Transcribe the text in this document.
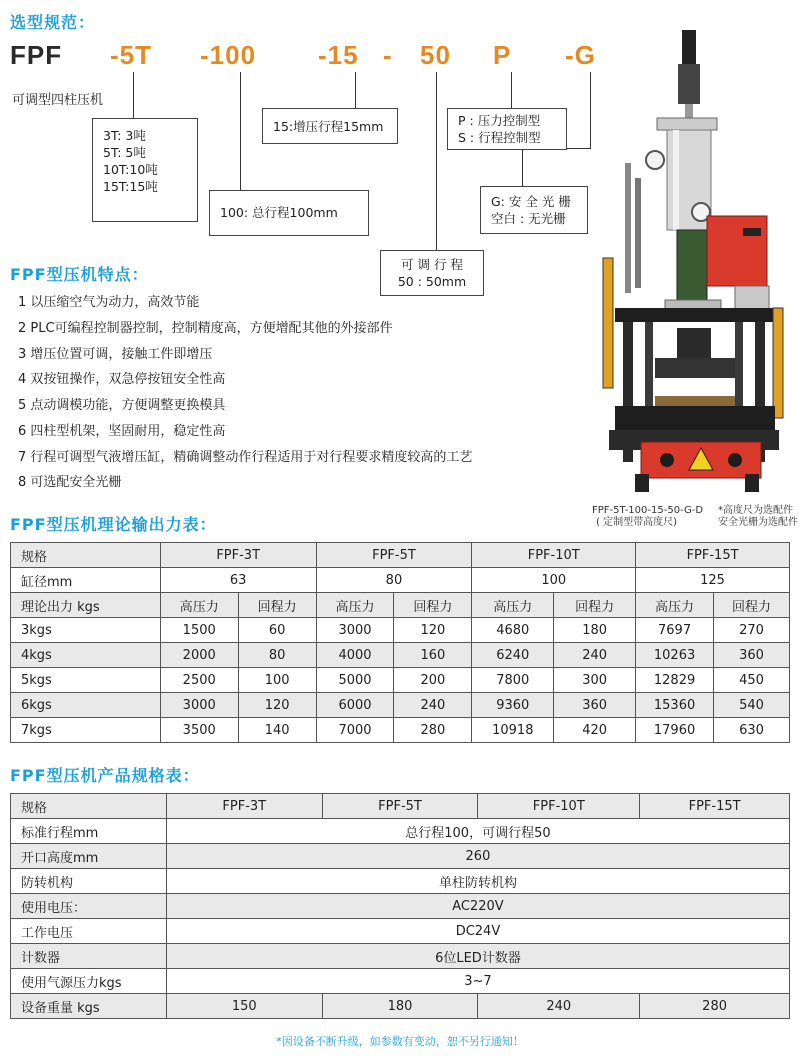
选型规范：
FPF -5T -100 -15 - 50 P -G
可调型四柱压机
3T: 3吨
5T: 5吨
10T:10吨
15T:15吨
100: 总行程100mm
15:增压行程15mm
可 调 行 程
50 : 50mm
P : 压力控制型
S : 行程控制型
G: 安 全 光 栅
空白 : 无光栅
FPF型压机特点：
1 以压缩空气为动力，高效节能
2 PLC可编程控制器控制，控制精度高，方便增配其他的外接部件
3 增压位置可调，接触工件即增压
4 双按钮操作，双急停按钮安全性高
5 点动调模功能，方便调整更换模具
6 四柱型机架，坚固耐用，稳定性高
7 行程可调型气液增压缸，精确调整动作行程适用于对行程要求精度较高的工艺
8 可选配安全光栅
FPF-5T-100-15-50-G-D
( 定制型带高度尺)
*高度尺为选配件
安全光栅为选配件
FPF型压机理论输出力表：
规格	FPF-3T		FPF-5T		FPF-10T		FPF-15T	
缸径mm	63		80		100		125	
理论出力 kgs	高压力	回程力	高压力	回程力	高压力	回程力	高压力	回程力
3kgs	1500	60	3000	120	4680	180	7697	270
4kgs	2000	80	4000	160	6240	240	10263	360
5kgs	2500	100	5000	200	7800	300	12829	450
6kgs	3000	120	6000	240	9360	360	15360	540
7kgs	3500	140	7000	280	10918	420	17960	630
FPF型压机产品规格表：
规格	FPF-3T	FPF-5T	FPF-10T	FPF-15T
标准行程mm	总行程100，可调行程50			
开口高度mm	260			
防转机构	单柱防转机构			
使用电压：	AC220V			
工作电压	DC24V			
计数器	6位LED计数器			
使用气源压力kgs	3~7			
设备重量 kgs	150	180	240	280
*因设备不断升级，如参数有变动，恕不另行通知！
